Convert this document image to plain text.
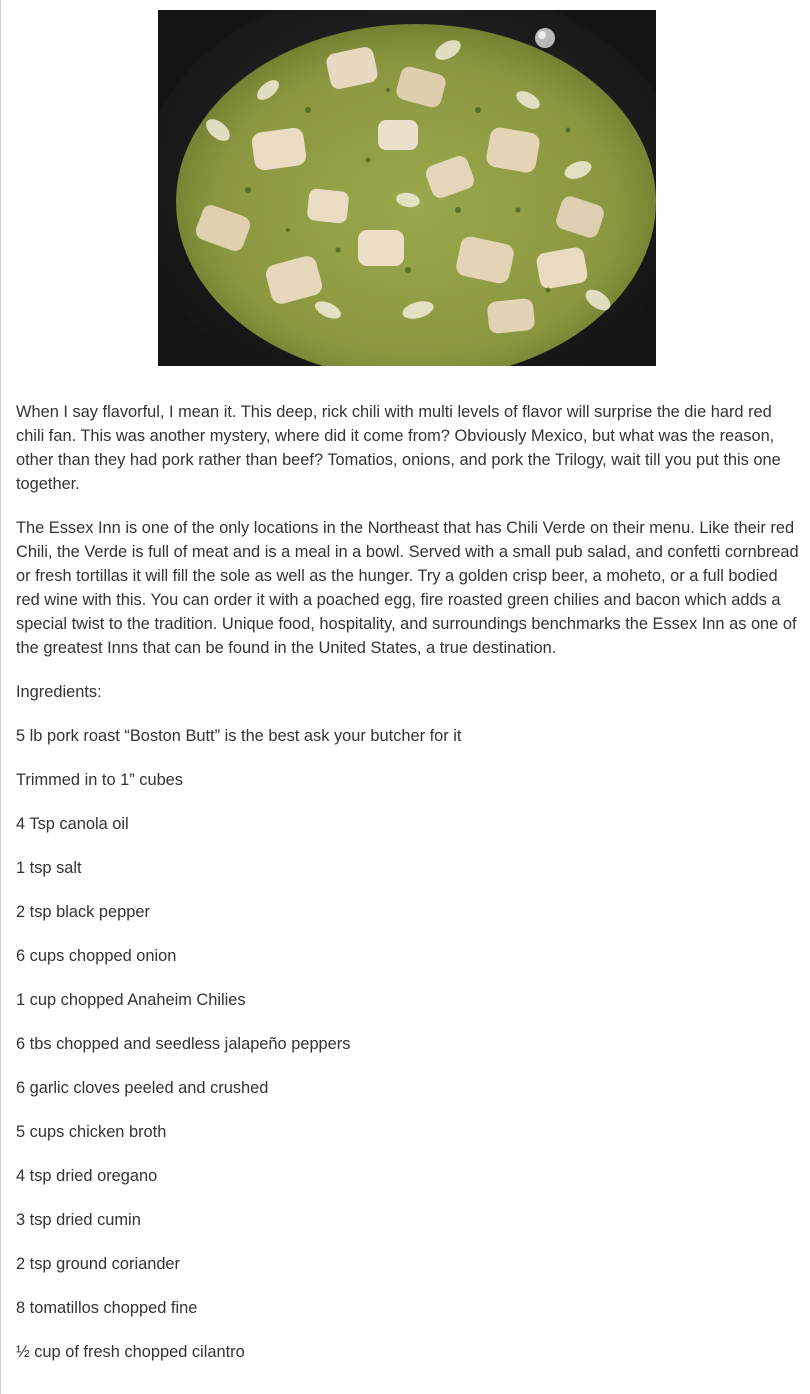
When I say flavorful, I mean it. This deep, rick chili with multi levels of flavor will surprise the die hard red chili fan. This was another mystery, where did it come from? Obviously Mexico, but what was the reason, other than they had pork rather than beef? Tomatios, onions, and pork the Trilogy, wait till you put this one together.

The Essex Inn is one of the only locations in the Northeast that has Chili Verde on their menu. Like their red Chili, the Verde is full of meat and is a meal in a bowl. Served with a small pub salad, and confetti cornbread or fresh tortillas it will fill the sole as well as the hunger. Try a golden crisp beer, a moheto, or a full bodied red wine with this. You can order it with a poached egg, fire roasted green chilies and bacon which adds a special twist to the tradition. Unique food, hospitality, and surroundings benchmarks the Essex Inn as one of the greatest Inns that can be found in the United States, a true destination.

Ingredients:

5 lb pork roast “Boston Butt” is the best ask your butcher for it

Trimmed in to 1” cubes

4 Tsp canola oil

1 tsp salt

2 tsp black pepper

6 cups chopped onion

1 cup chopped Anaheim Chilies

6 tbs chopped and seedless jalapeño peppers

6 garlic cloves peeled and crushed

5 cups chicken broth

4 tsp dried oregano

3 tsp dried cumin

2 tsp ground coriander

8 tomatillos chopped fine

½ cup of fresh chopped cilantro
